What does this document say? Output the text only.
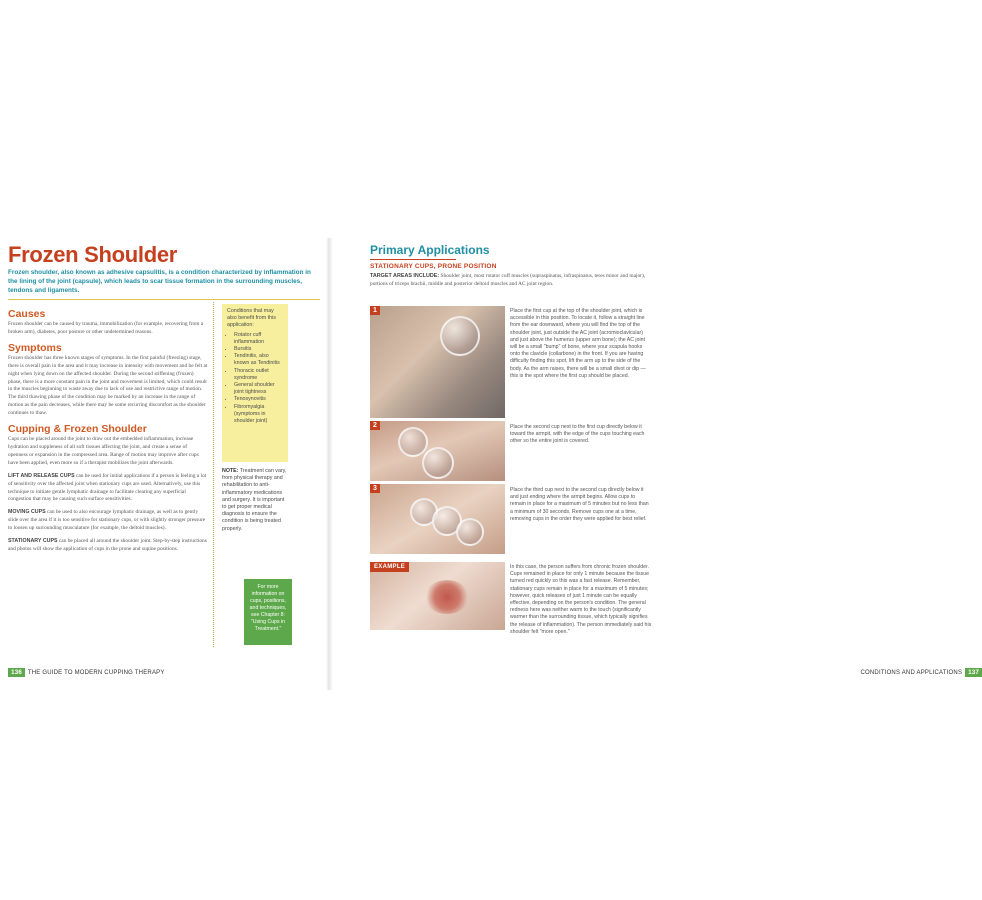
Frozen Shoulder
Frozen shoulder, also known as adhesive capsulitis, is a condition characterized by inflammation in the lining of the joint (capsule), which leads to scar tissue formation in the surrounding muscles, tendons and ligaments.
Causes

Frozen shoulder can be caused by trauma, immobilization (for example, recovering from a broken arm), diabetes, poor posture or other undetermined reasons.

Symptoms

Frozen shoulder has three known stages of symptoms. In the first painful (freezing) stage, there is overall pain in the area and it may increase in intensity with movement and be felt at night when lying down on the affected shoulder. During the second stiffening (frozen) phase, there is a more constant pain in the joint and movement is limited, which could result in the muscles beginning to waste away due to lack of use and restrictive range of motion. The third thawing phase of the condition may be marked by an increase in the range of motion as the pain decreases, while there may be some recurring discomfort as the shoulder continues to thaw.

Cupping & Frozen Shoulder

Cups can be placed around the joint to draw out the embedded inflammation, increase hydration and suppleness of all soft tissues affecting the joint, and create a sense of openness or expansion in the compressed area. Range of motion may improve after cups have been applied, even more so if a therapist mobilizes the joint afterwards.

LIFT AND RELEASE CUPS can be used for initial applications if a person is feeling a lot of sensitivity over the affected joint when stationary cups are used. Alternatively, use this technique to initiate gentle lymphatic drainage to facilitate clearing any superficial congestion that may be causing such surface sensitivities.

MOVING CUPS can be used to also encourage lymphatic drainage, as well as to gently slide over the area if it is too sensitive for stationary cups, or with slightly stronger pressure to loosen up surrounding musculature (for example, the deltoid muscles).

STATIONARY CUPS can be placed all around the shoulder joint. Step-by-step instructions and photos will show the application of cups in the prone and supine positions.

Conditions that may also benefit from this application:
• Rotator cuff inflammation
• Bursitis
• Tendinitis, also known as Tendinitis
• Thoracic outlet syndrome
• General shoulder joint tightness
• Tenosynovitis
• Fibromyalgia (symptoms in shoulder joint)
NOTE: Treatment can vary, from physical therapy and rehabilitation to anti-inflammatory medications and surgery. It is important to get proper medical diagnosis to ensure the condition is being treated properly.
For more information on cups, positions, and techniques, see Chapter 8: "Using Cups in Treatment."
136 THE GUIDE TO MODERN CUPPING THERAPY
Primary Applications
STATIONARY CUPS, PRONE POSITION
TARGET AREAS INCLUDE: Shoulder joint, most rotator cuff muscles (supraspinatus, infraspinatus, teres minor and major), portions of triceps brachii, middle and posterior deltoid muscles and AC joint region.
1	Place the first cup at the top of the shoulder joint, which is accessible in this position. To locate it, follow a straight line from the ear downward, where you will find the top of the shoulder joint, just outside the AC joint (acromioclavicular) and just above the humerus (upper arm bone); the AC joint will be a small "bump" of bone, where your scapula hooks onto the clavicle (collarbone) in the front. If you are having difficulty finding this spot, lift the arm up to the side of the body. As the arm raises, there will be a small divot or dip — this is the spot where the first cup should be placed.
2	Place the second cup next to the first cup directly below it toward the armpit, with the edge of the cups touching each other so the entire joint is covered.
3	Place the third cup next to the second cup directly below it and just ending where the armpit begins. Allow cups to remain in place for a maximum of 5 minutes but no less than a minimum of 30 seconds. Remove cups one at a time, removing cups in the order they were applied for best relief.
EXAMPLE	In this case, the person suffers from chronic frozen shoulder. Cups remained in place for only 1 minute because the tissue turned red quickly so this was a fast release. Remember, stationary cups remain in place for a maximum of 5 minutes; however, quick releases of just 1 minute can be equally effective, depending on the person's condition. The general redness here was neither warm to the touch (significantly warmer than the surrounding tissue, which typically signifies the release of inflammation). The person immediately said his shoulder felt "more open."
CONDITIONS AND APPLICATIONS 137
